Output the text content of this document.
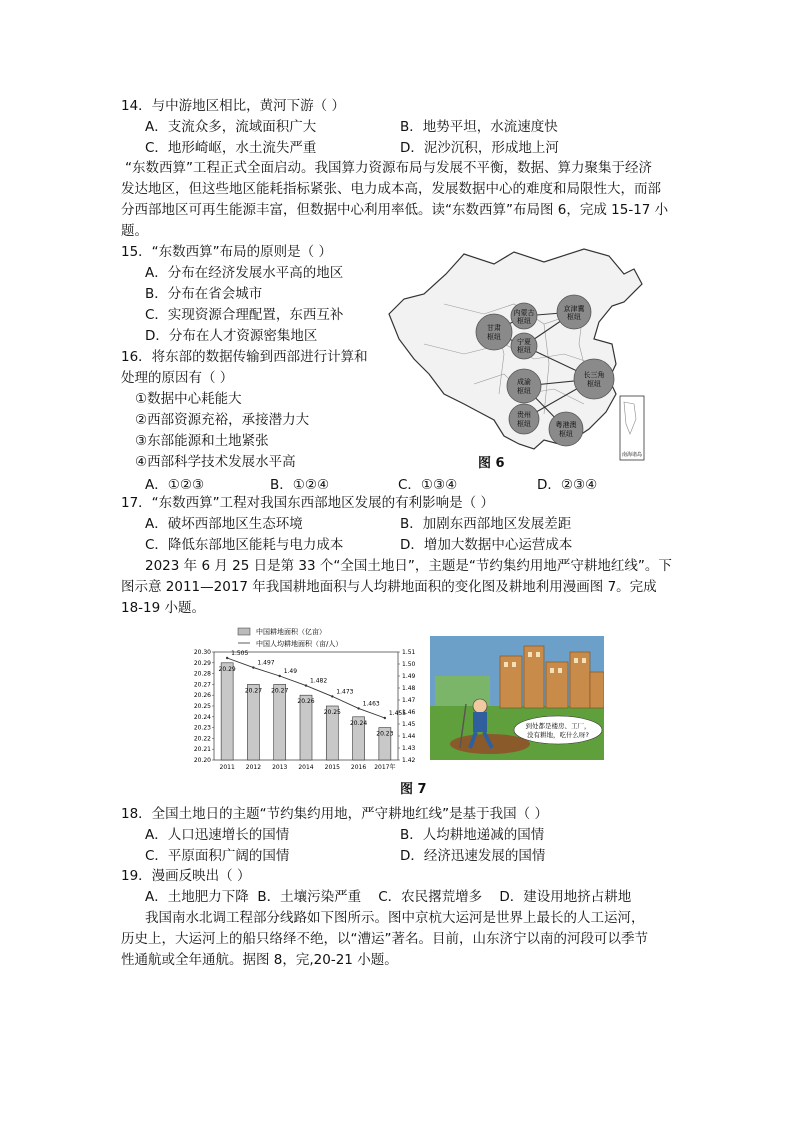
14．与中游地区相比，黄河下游（ ）
A．支流众多，流域面积广大	B．地势平坦，水流速度快
C．地形崎岖，水土流失严重	D．泥沙沉积，形成地上河
“东数西算”工程正式全面启动。我国算力资源布局与发展不平衡，数据、算力聚集于经济
发达地区，但这些地区能耗指标紧张、电力成本高，发展数据中心的难度和局限性大，而部
分西部地区可再生能源丰富，但数据中心利用率低。读“东数西算”布局图 6，完成 15-17 小
题。
15．“东数西算”布局的原则是（ ）
A．分布在经济发展水平高的地区
B．分布在省会城市
C．实现资源合理配置，东西互补
D．分布在人才资源密集地区
16．将东部的数据传输到西部进行计算和
处理的原因有（ ）
①数据中心耗能大
②西部资源充裕，承接潜力大
③东部能源和土地紧张
④西部科学技术发展水平高
A．①②③	B．①②④	C．①③④	D．②③④
甘肃
枢纽
内蒙古
枢纽
京津冀
枢纽
宁夏
枢纽
成渝
枢纽
长三角
枢纽
贵州
枢纽	粤港澳
枢纽
南海诸岛
图 6
17．“东数西算”工程对我国东西部地区发展的有利影响是（ ）
A．破坏西部地区生态环境	B．加剧东西部地区发展差距
C．降低东部地区能耗与电力成本	D．增加大数据中心运营成本
2023 年 6 月 25 日是第 33 个“全国土地日”，主题是“节约集约用地严守耕地红线”。下
图示意 2011—2017 年我国耕地面积与人均耕地面积的变化图及耕地利用漫画图 7。完成
18-19 小题。
中国耕地面积（亿亩）
中国人均耕地面积（亩/人）
20.30
20.29
20.28
20.27
20.26
20.25
20.24
20.23
20.22
20.21
20.20
1.51
1.50
1.49
1.48
1.47
1.46
1.45
1.44
1.43
1.42
20.29
2011
20.27
2012
20.27
2013
20.26
2014
20.25
2015
20.24
2016
20.23
2017年
1.505
1.497
1.49
1.482
1.473
1.463
1.455
到处都是楼房、工厂，
没有耕地，吃什么呀?
图 7
18．全国土地日的主题“节约集约用地，严守耕地红线”是基于我国（ ）
A．人口迅速增长的国情	B．人均耕地递减的国情
C．平原面积广阔的国情	D．经济迅速发展的国情
19．漫画反映出（ ）
A．土地肥力下降  B．土壤污染严重    C．农民撂荒增多    D．建设用地挤占耕地
我国南水北调工程部分线路如下图所示。图中京杭大运河是世界上最长的人工运河，
历史上，大运河上的船只络绎不绝，以“漕运”著名。目前，山东济宁以南的河段可以季节
性通航或全年通航。据图 8，完,20-21 小题。
